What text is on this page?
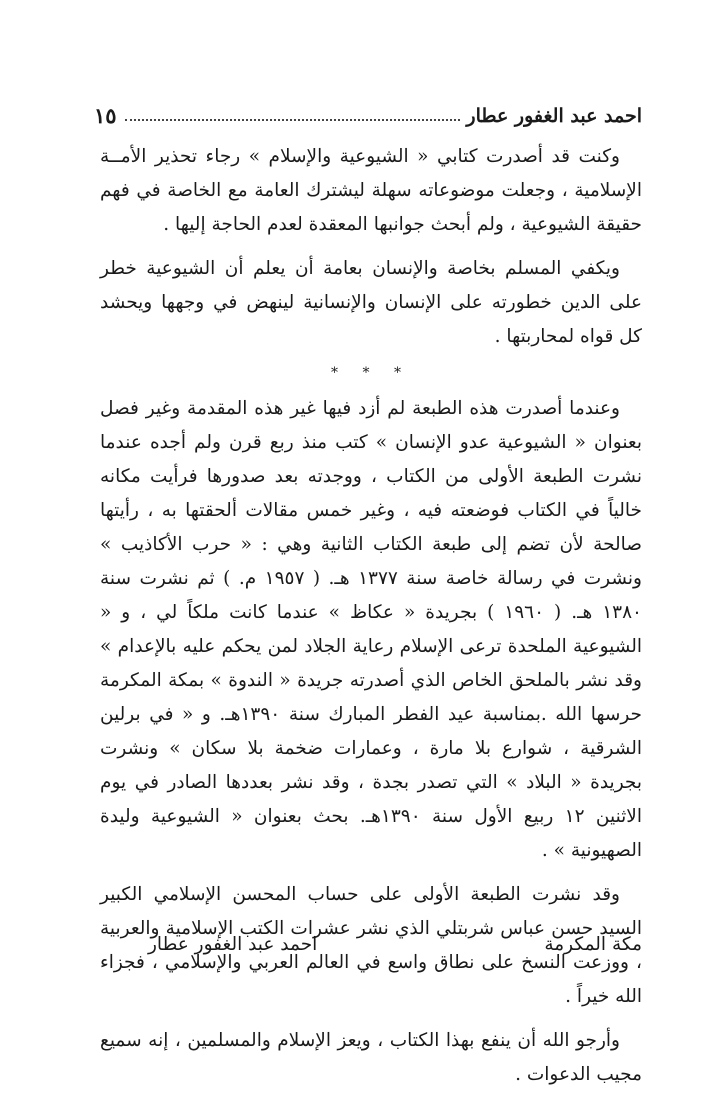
احمد عبد الغفور عطار
١٥

وكنت قد أصدرت كتابي « الشيوعية والإسلام » رجاء تحذير الأمــة الإسلامية ، وجعلت موضوعاته سهلة ليشترك العامة مع الخاصة في فهم حقيقة الشيوعية ، ولم أبحث جوانبها المعقدة لعدم الحاجة إليها .

ويكفي المسلم بخاصة والإنسان بعامة أن يعلم أن الشيوعية خطر على الدين خطورته على الإنسان والإنسانية لينهض في وجهها ويحشد كل قواه لمحاربتها .

* * *

وعندما أصدرت هذه الطبعة لم أزد فيها غير هذه المقدمة وغير فصل بعنوان « الشيوعية عدو الإنسان » كتب منذ ربع قرن ولم أجده عندما نشرت الطبعة الأولى من الكتاب ، ووجدته بعد صدورها فرأيت مكانه خالياً في الكتاب فوضعته فيه ، وغير خمس مقالات ألحقتها به ، رأيتها صالحة لأن تضم إلى طبعة الكتاب الثانية وهي : « حرب الأكاذيب » ونشرت في رسالة خاصة سنة ١٣٧٧ هـ. ( ١٩٥٧ م. ) ثم نشرت سنة ١٣٨٠ هـ. ( ١٩٦٠ ) بجريدة « عكاظ » عندما كانت ملكاً لي ، و « الشيوعية الملحدة ترعى الإسلام رعاية الجلاد لمن يحكم عليه بالإعدام » وقد نشر بالملحق الخاص الذي أصدرته جريدة « الندوة » بمكة المكرمة حرسها الله .بمناسبة عيد الفطر المبارك سنة ١٣٩٠هـ. و « في برلين الشرقية ، شوارع بلا مارة ، وعمارات ضخمة بلا سكان » ونشرت بجريدة « البلاد » التي تصدر بجدة ، وقد نشر بعددها الصادر في يوم الاثنين ١٢ ربيع الأول سنة ١٣٩٠هـ. بحث بعنوان « الشيوعية وليدة الصهيونية » .

وقد نشرت الطبعة الأولى على حساب المحسن الإسلامي الكبير السيد حسن عباس شربتلي الذي نشر عشرات الكتب الإسلامية والعربية ، ووزعت النسخ على نطاق واسع في العالم العربي والإسلامي ، فجزاء الله خيراً .

وأرجو الله أن ينفع بهذا الكتاب ، ويعز الإسلام والمسلمين ، إنه سميع مجيب الدعوات .

مكة المكرمة
احمد عبد الغفور عطار
